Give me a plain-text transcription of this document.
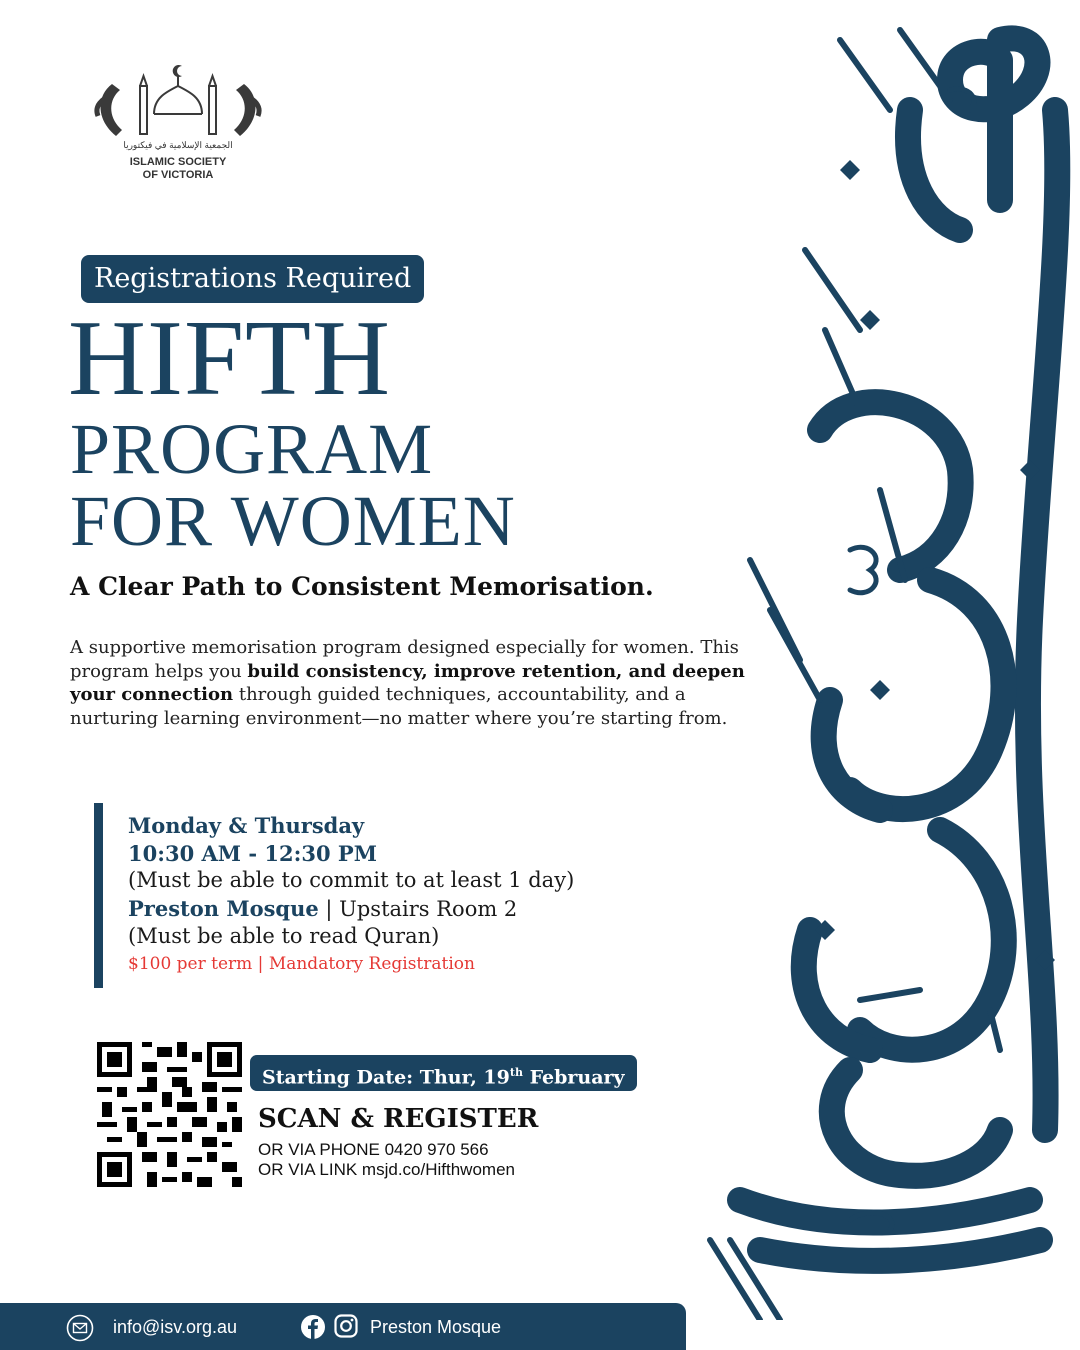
الجمعية الإسلامية في فيكتوريا
ISLAMIC SOCIETY
OF VICTORIA
Registrations Required
HIFTH
PROGRAM
FOR WOMEN
A Clear Path to Consistent Memorisation.
A supportive memorisation program designed especially for women. This program helps you build consistency, improve retention, and deepen your connection through guided techniques, accountability, and a nurturing learning environment—no matter where you’re starting from.
Monday & Thursday
10:30 AM - 12:30 PM
(Must be able to commit to at least 1 day)
Preston Mosque | Upstairs Room 2
(Must be able to read Quran)
$100 per term | Mandatory Registration
Starting Date: Thur, 19th February
SCAN & REGISTER
OR VIA PHONE 0420 970 566
OR VIA LINK msjd.co/Hifthwomen
info@isv.org.au	Preston Mosque
